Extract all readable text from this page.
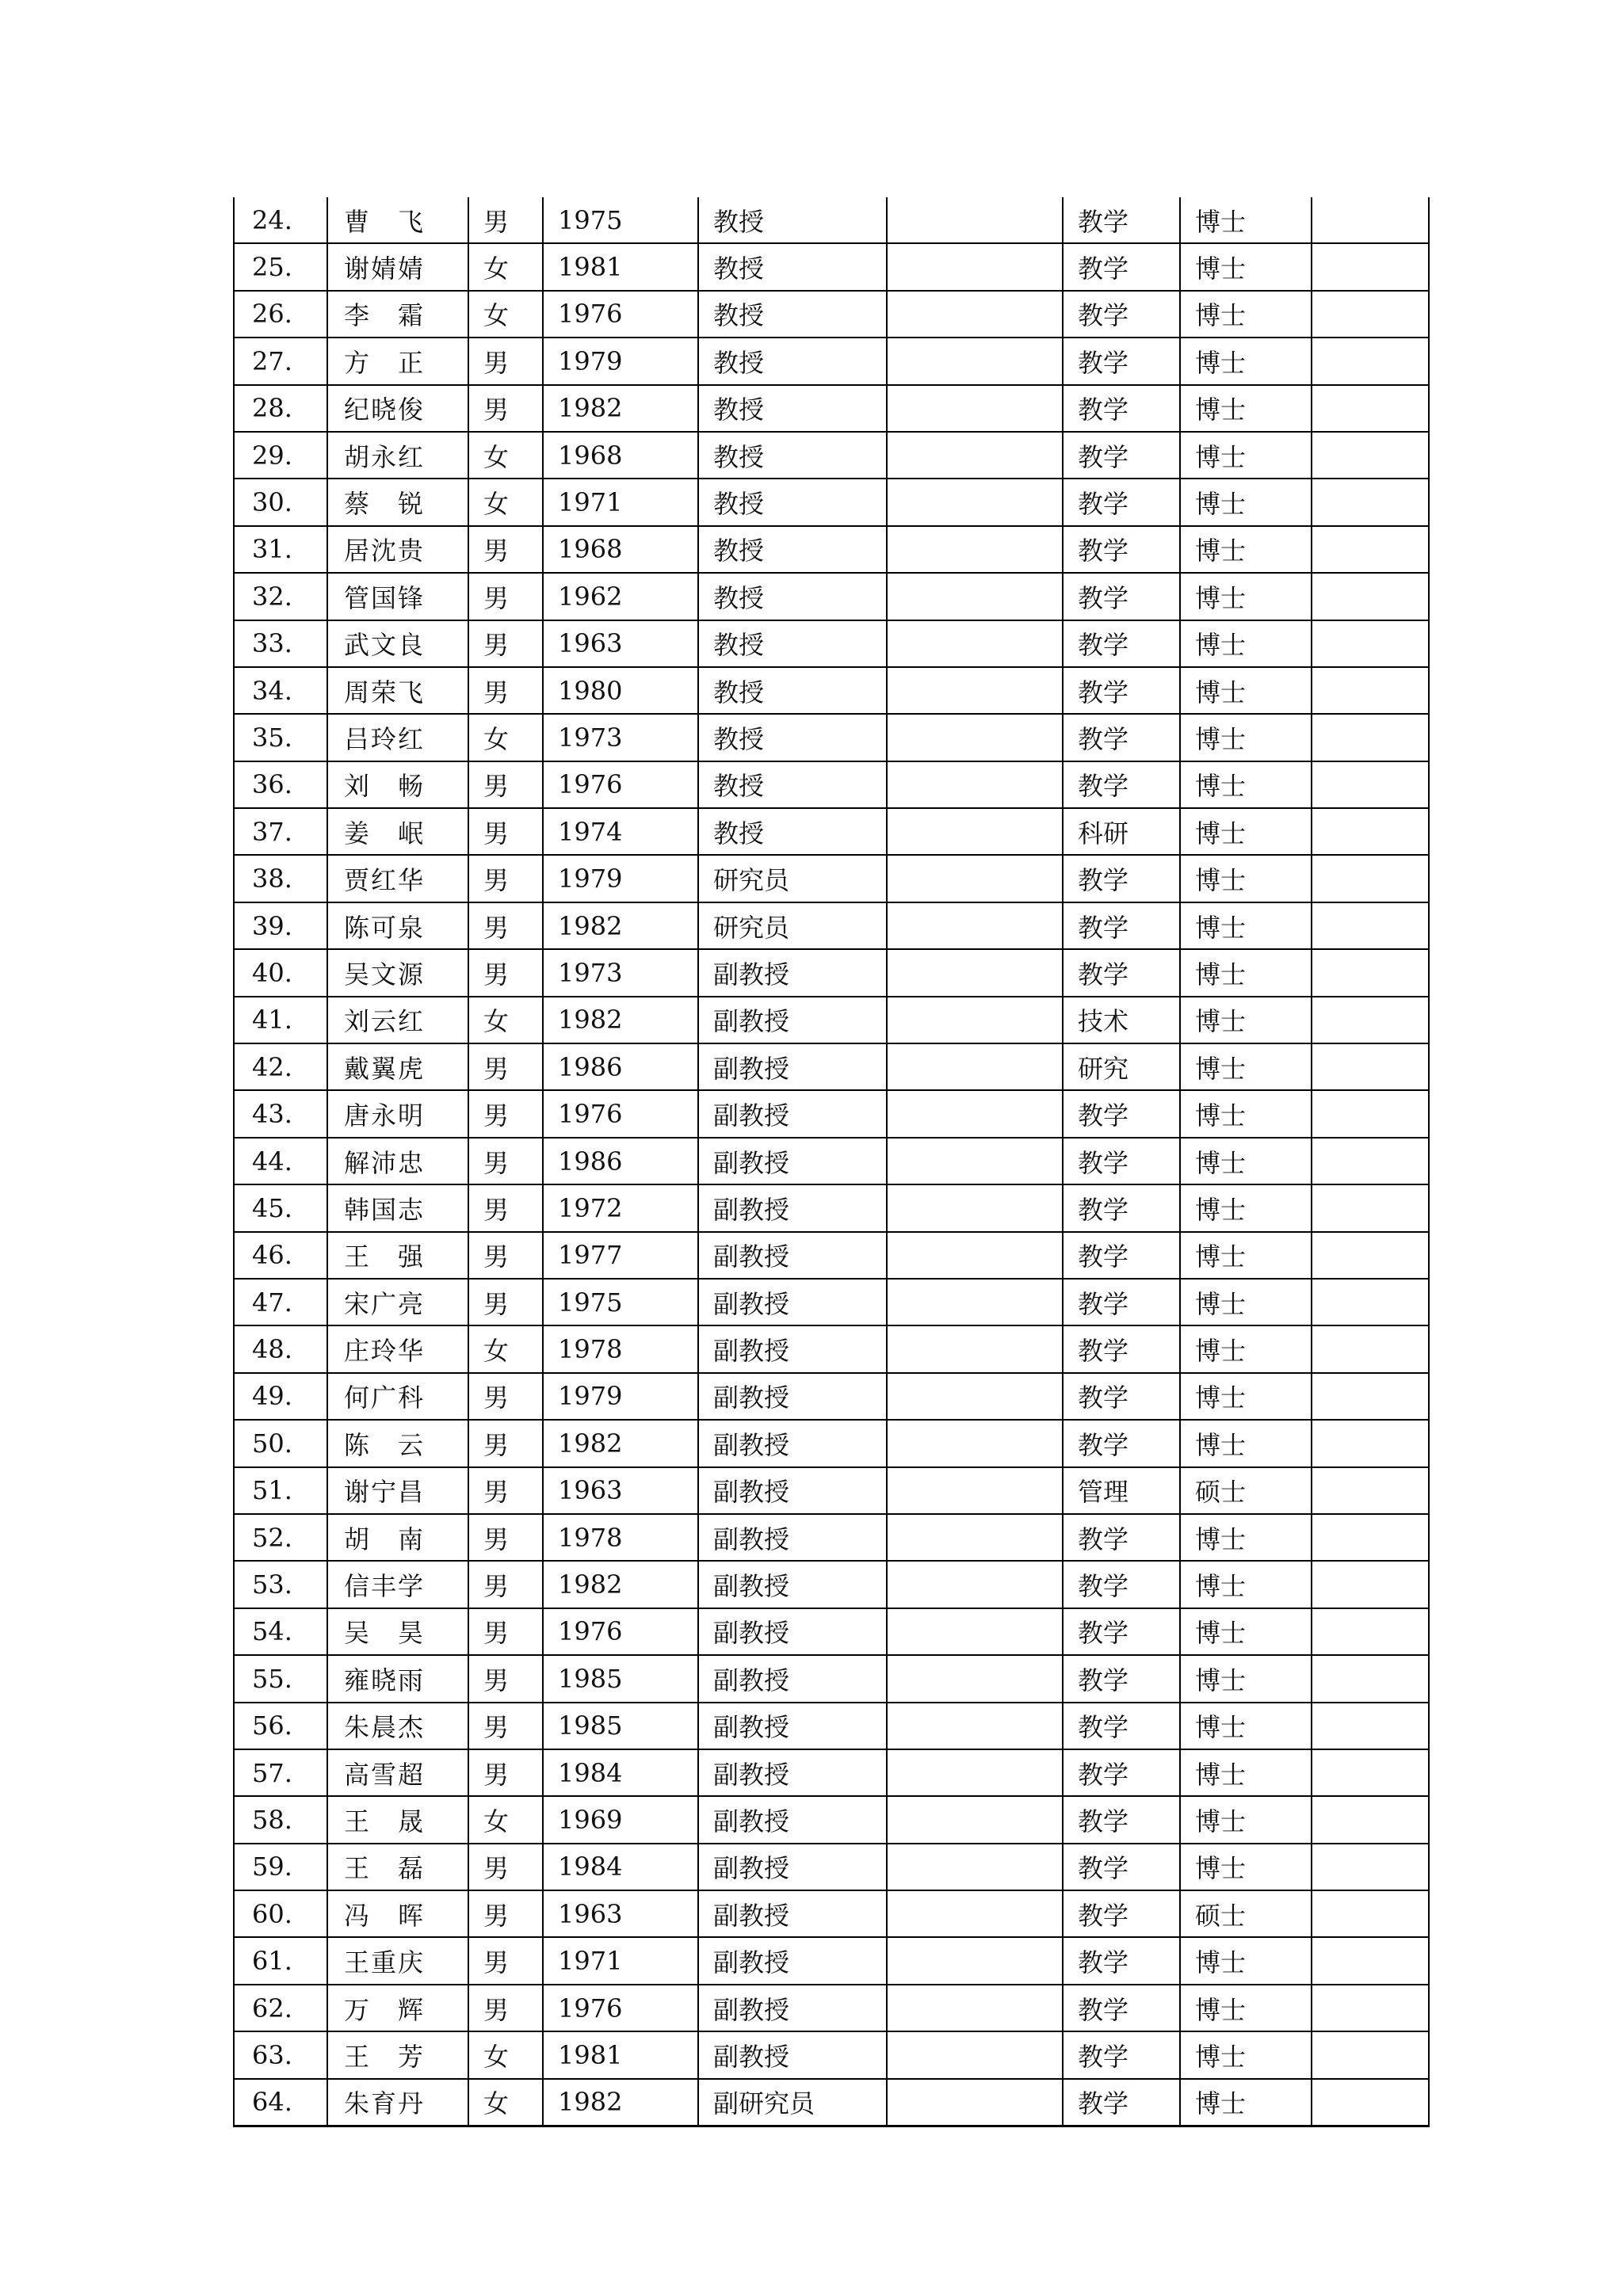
24.	曹　飞	男	1975	教授		教学	博士	
25.	谢婧婧	女	1981	教授		教学	博士	
26.	李　霜	女	1976	教授		教学	博士	
27.	方　正	男	1979	教授		教学	博士	
28.	纪晓俊	男	1982	教授		教学	博士	
29.	胡永红	女	1968	教授		教学	博士	
30.	蔡　锐	女	1971	教授		教学	博士	
31.	居沈贵	男	1968	教授		教学	博士	
32.	管国锋	男	1962	教授		教学	博士	
33.	武文良	男	1963	教授		教学	博士	
34.	周荣飞	男	1980	教授		教学	博士	
35.	吕玲红	女	1973	教授		教学	博士	
36.	刘　畅	男	1976	教授		教学	博士	
37.	姜　岷	男	1974	教授		科研	博士	
38.	贾红华	男	1979	研究员		教学	博士	
39.	陈可泉	男	1982	研究员		教学	博士	
40.	吴文源	男	1973	副教授		教学	博士	
41.	刘云红	女	1982	副教授		技术	博士	
42.	戴翼虎	男	1986	副教授		研究	博士	
43.	唐永明	男	1976	副教授		教学	博士	
44.	解沛忠	男	1986	副教授		教学	博士	
45.	韩国志	男	1972	副教授		教学	博士	
46.	王　强	男	1977	副教授		教学	博士	
47.	宋广亮	男	1975	副教授		教学	博士	
48.	庄玲华	女	1978	副教授		教学	博士	
49.	何广科	男	1979	副教授		教学	博士	
50.	陈　云	男	1982	副教授		教学	博士	
51.	谢宁昌	男	1963	副教授		管理	硕士	
52.	胡　南	男	1978	副教授		教学	博士	
53.	信丰学	男	1982	副教授		教学	博士	
54.	吴　昊	男	1976	副教授		教学	博士	
55.	雍晓雨	男	1985	副教授		教学	博士	
56.	朱晨杰	男	1985	副教授		教学	博士	
57.	高雪超	男	1984	副教授		教学	博士	
58.	王　晟	女	1969	副教授		教学	博士	
59.	王　磊	男	1984	副教授		教学	博士	
60.	冯　晖	男	1963	副教授		教学	硕士	
61.	王重庆	男	1971	副教授		教学	博士	
62.	万　辉	男	1976	副教授		教学	博士	
63.	王　芳	女	1981	副教授		教学	博士	
64.	朱育丹	女	1982	副研究员		教学	博士	
